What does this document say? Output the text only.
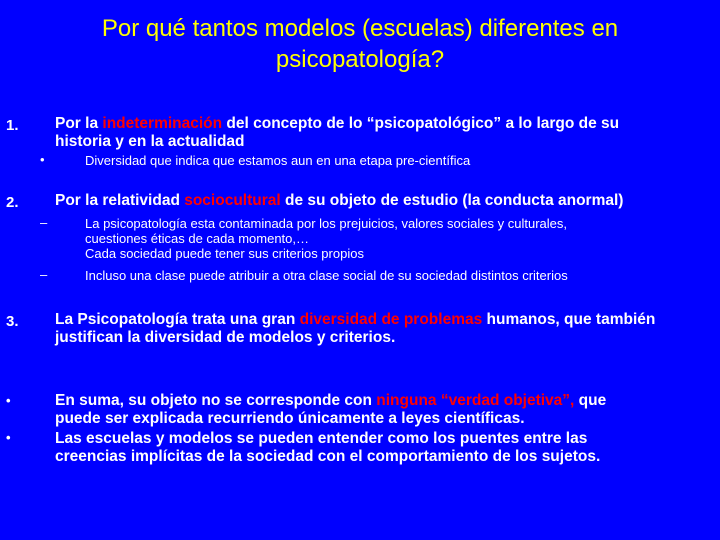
Por qué tantos modelos (escuelas) diferentes en
psicopatología?
1. Por la indeterminación del concepto de lo “psicopatológico” a lo largo de su
historia y en la actualidad
•	Diversidad que indica que estamos aun en una etapa pre-científica
2. Por la relatividad sociocultural de su objeto de estudio (la conducta anormal)
–	La psicopatología esta contaminada por los prejuicios, valores sociales y culturales,
cuestiones éticas de cada momento,…
Cada sociedad puede tener sus criterios propios
–	Incluso una clase puede atribuir a otra clase social de su sociedad distintos criterios
3. La Psicopatología trata una gran diversidad de problemas humanos, que también
justifican la diversidad de modelos y criterios.
•	En suma, su objeto no se corresponde con ninguna “verdad objetiva”, que
puede ser explicada recurriendo únicamente a leyes científicas.
•	Las escuelas y modelos se pueden entender como los puentes entre las
creencias implícitas de la sociedad con el comportamiento de los sujetos.
